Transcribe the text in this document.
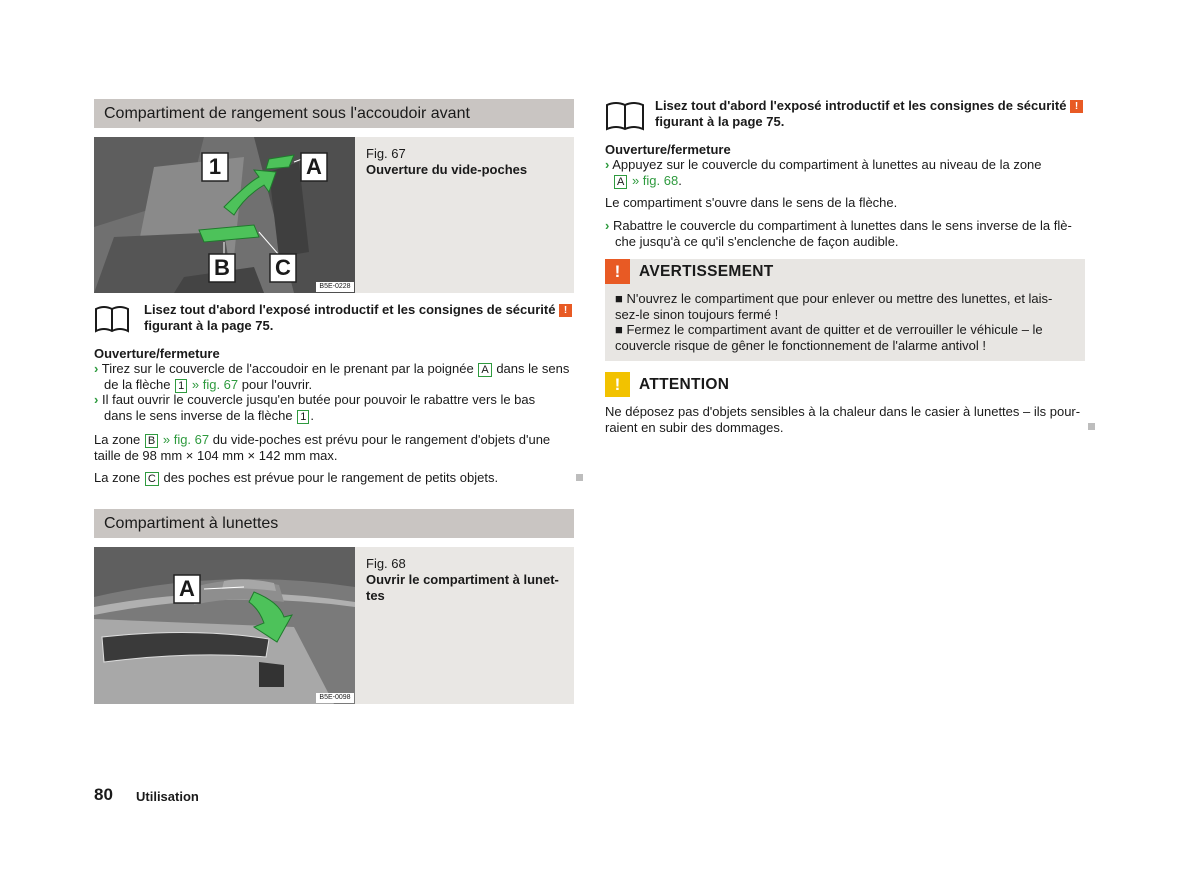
Compartiment de rangement sous l'accoudoir avant
1	A
B C
B5E-0228
Fig. 67
Ouverture du vide-poches
Lisez tout d'abord l'exposé introductif et les consignes de sécurité !
figurant à la page 75.
Ouverture/fermeture
› Tirez sur le couvercle de l'accoudoir en le prenant par la poignée A dans le sens
de la flèche 1 » fig. 67 pour l'ouvrir.
› Il faut ouvrir le couvercle jusqu'en butée pour pouvoir le rabattre vers le bas
dans le sens inverse de la flèche 1 .
La zone B » fig. 67 du vide-poches est prévu pour le rangement d'objets d'une
taille de 98 mm × 104 mm × 142 mm max.
La zone C des poches est prévue pour le rangement de petits objets.
Compartiment à lunettes
A
B5E-0098
Fig. 68
Ouvrir le compartiment à lunet-
tes
Lisez tout d'abord l'exposé introductif et les consignes de sécurité !
figurant à la page 75.
Ouverture/fermeture
› Appuyez sur le couvercle du compartiment à lunettes au niveau de la zone
A » fig. 68.
Le compartiment s'ouvre dans le sens de la flèche.
› Rabattre le couvercle du compartiment à lunettes dans le sens inverse de la flè-
che jusqu'à ce qu'il s'enclenche de façon audible.
!	AVERTISSEMENT
■ N'ouvrez le compartiment que pour enlever ou mettre des lunettes, et lais-
sez-le sinon toujours fermé !
■ Fermez le compartiment avant de quitter et de verrouiller le véhicule – le
couvercle risque de gêner le fonctionnement de l'alarme antivol !
!	ATTENTION
Ne déposez pas d'objets sensibles à la chaleur dans le casier à lunettes – ils pour-
raient en subir des dommages.
80 Utilisation
